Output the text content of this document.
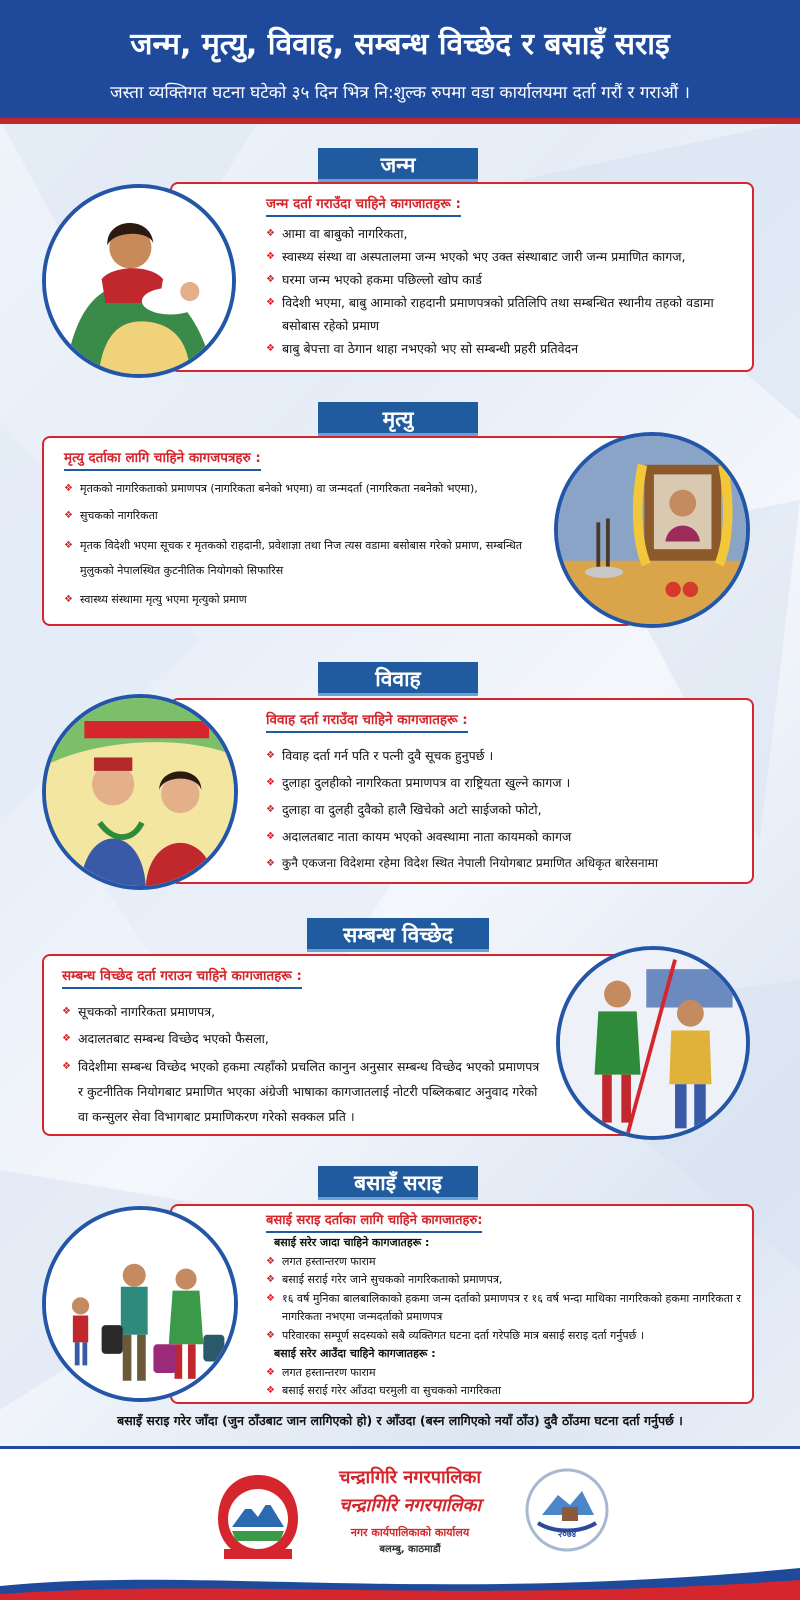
जन्म, मृत्यु, विवाह, सम्बन्ध विच्छेद र बसाइँ सराइ
जस्ता व्यक्तिगत घटना घटेको ३५ दिन भित्र नि:शुल्क रुपमा वडा कार्यालयमा दर्ता गरौं र गराऔं ।
जन्म
जन्म दर्ता गराउँदा चाहिने कागजातहरू :
❖ आमा वा बाबुको नागरिकता,
❖ स्वास्थ्य संस्था वा अस्पतालमा जन्म भएको भए उक्त संस्थाबाट जारी जन्म प्रमाणित कागज,
❖ घरमा जन्म भएको हकमा पछिल्लो खोप कार्ड
❖ विदेशी भएमा, बाबु आमाको राहदानी प्रमाणपत्रको प्रतिलिपि तथा सम्बन्धित स्थानीय तहको वडामा बसोबास रहेको प्रमाण
❖ बाबु बेपत्ता वा ठेगान थाहा नभएको भए सो सम्बन्धी प्रहरी प्रतिवेदन
मृत्यु
मृत्यु दर्ताका लागि चाहिने कागजपत्रहरु :
❖ मृतकको नागरिकताको प्रमाणपत्र (नागरिकता बनेको भएमा) वा जन्मदर्ता (नागरिकता नबनेको भएमा),
❖ सुचकको नागरिकता
❖ मृतक विदेशी भएमा सूचक र मृतकको राहदानी, प्रवेशाज्ञा तथा निज त्यस वडामा बसोबास गरेको प्रमाण, सम्बन्धित मुलुकको नेपालस्थित कुटनीतिक नियोगको सिफारिस
❖ स्वास्थ्य संस्थामा मृत्यु भएमा मृत्युको प्रमाण
विवाह
विवाह दर्ता गराउँदा चाहिने कागजातहरू :
❖ विवाह दर्ता गर्न पति र पत्नी दुवै सूचक हुनुपर्छ ।
❖ दुलाहा दुलहीको नागरिकता प्रमाणपत्र वा राष्ट्रियता खुल्ने कागज ।
❖ दुलाहा वा दुलही दुवैको हालै खिचेको अटो साईजको फोटो,
❖ अदालतबाट नाता कायम भएको अवस्थामा नाता कायमको कागज
❖ कुनै एकजना विदेशमा रहेमा विदेश स्थित नेपाली नियोगबाट प्रमाणित अधिकृत बारेसनामा
सम्बन्ध विच्छेद
सम्बन्ध विच्छेद दर्ता गराउन चाहिने कागजातहरू :
❖ सूचकको नागरिकता प्रमाणपत्र,
❖ अदालतबाट सम्बन्ध विच्छेद भएको फैसला,
❖ विदेशीमा सम्बन्ध विच्छेद भएको हकमा त्यहाँको प्रचलित कानुन अनुसार सम्बन्ध विच्छेद भएको प्रमाणपत्र र कुटनीतिक नियोगबाट प्रमाणित भएका अंग्रेजी भाषाका कागजातलाई नोटरी पब्लिकबाट अनुवाद गरेको वा कन्सुलर सेवा विभागबाट प्रमाणिकरण गरेको सक्कल प्रति ।
बसाइँ सराइ
बसाई सराइ दर्ताका लागि चाहिने कागजातहरु:
बसाई सरेर जादा चाहिने कागजातहरू :
❖ लगत हस्तान्तरण फाराम
❖ बसाई सराई गरेर जाने सुचकको नागरिकताको प्रमाणपत्र,
❖ १६ वर्ष मुनिका बालबालिकाको हकमा जन्म दर्ताको प्रमाणपत्र र १६ वर्ष भन्दा माथिका नागरिकको हकमा नागरिकता र नागरिकता नभएमा जन्मदर्ताको प्रमाणपत्र
❖ परिवारका सम्पूर्ण सदस्यको सबै व्यक्तिगत घटना दर्ता गरेपछि मात्र बसाई सराइ दर्ता गर्नुपर्छ ।
बसाई सरेर आउँदा चाहिने कागजातहरू :
❖ लगत हस्तान्तरण फाराम
❖ बसाई सराई गरेर आँउदा घरमुली वा सुचकको नागरिकता
बसाइँ सराइ गरेर जाँदा (जुन ठाँउबाट जान लागिएको हो) र आँउदा (बस्न लागिएको नयाँ ठाँउ) दुवै ठाँउमा घटना दर्ता गर्नुपर्छ ।
चन्द्रागिरि नगरपालिका
चन्द्रागिरि नगरपालिका
नगर कार्यपालिकाको कार्यालय
बलम्बु, काठमाडौं
२०७४
